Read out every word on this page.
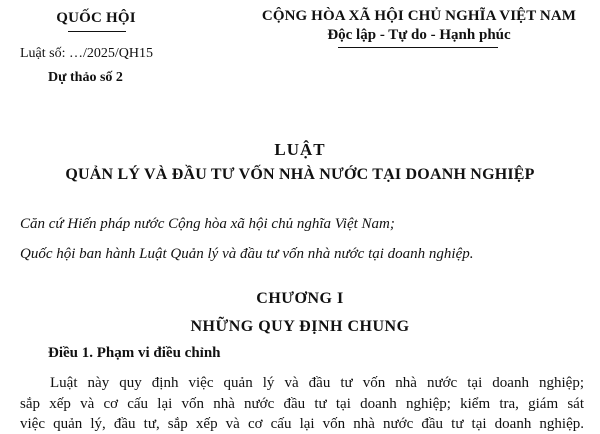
QUỐC HỘI
Luật số: …/2025/QH15
Dự thảo số 2
CỘNG HÒA XÃ HỘI CHỦ NGHĨA VIỆT NAM
Độc lập - Tự do - Hạnh phúc
LUẬT
QUẢN LÝ VÀ ĐẦU TƯ VỐN NHÀ NƯỚC TẠI DOANH NGHIỆP
Căn cứ Hiến pháp nước Cộng hòa xã hội chủ nghĩa Việt Nam;
Quốc hội ban hành Luật Quản lý và đầu tư vốn nhà nước tại doanh nghiệp.
CHƯƠNG I
NHỮNG QUY ĐỊNH CHUNG
Điều 1. Phạm vi điều chỉnh
Luật này quy định việc quản lý và đầu tư vốn nhà nước tại doanh nghiệp;
sắp xếp và cơ cấu lại vốn nhà nước đầu tư tại doanh nghiệp; kiểm tra, giám sát
việc quản lý, đầu tư, sắp xếp và cơ cấu lại vốn nhà nước đầu tư tại doanh nghiệp.
